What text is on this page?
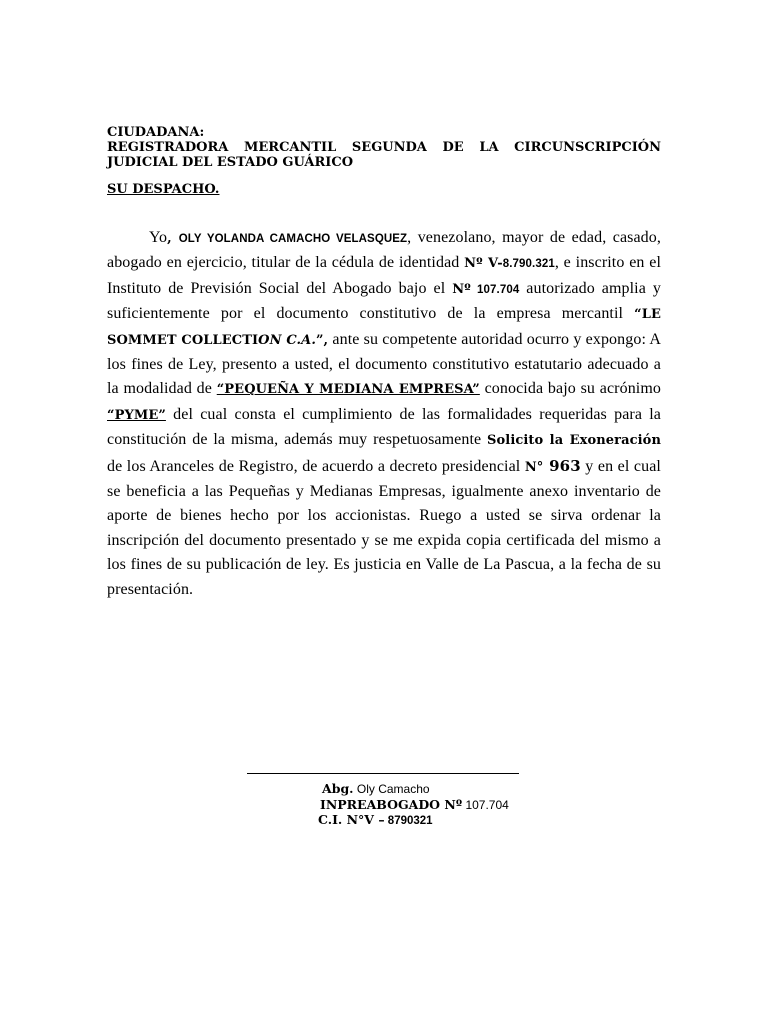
CIUDADANA:
REGISTRADORA MERCANTIL SEGUNDA DE LA CIRCUNSCRIPCIÓN
JUDICIAL DEL ESTADO GUÁRICO
SU DESPACHO.
Yo, OLY YOLANDA CAMACHO VELASQUEZ, venezolano, mayor de edad, casado, abogado en ejercicio, titular de la cédula de identidad Nº V-8.790.321, e inscrito en el Instituto de Previsión Social del Abogado bajo el Nº 107.704 autorizado amplia y suficientemente por el documento constitutivo de la empresa mercantil “LE SOMMET COLLECTION C.A.”, ante su competente autoridad ocurro y expongo: A los fines de Ley, presento a usted, el documento constitutivo estatutario adecuado a la modalidad de “PEQUEÑA Y MEDIANA EMPRESA” conocida bajo su acrónimo “PYME” del cual consta el cumplimiento de las formalidades requeridas para la constitución de la misma, además muy respetuosamente Solicito la Exoneración de los Aranceles de Registro, de acuerdo a decreto presidencial N° 963 y en el cual se beneficia a las Pequeñas y Medianas Empresas, igualmente anexo inventario de aporte de bienes hecho por los accionistas. Ruego a usted se sirva ordenar la inscripción del documento presentado y se me expida copia certificada del mismo a los fines de su publicación de ley. Es justicia en Valle de La Pascua, a la fecha de su presentación.
Abg. Oly Camacho
INPREABOGADO Nº 107.704
C.I. N°V – 8790321
